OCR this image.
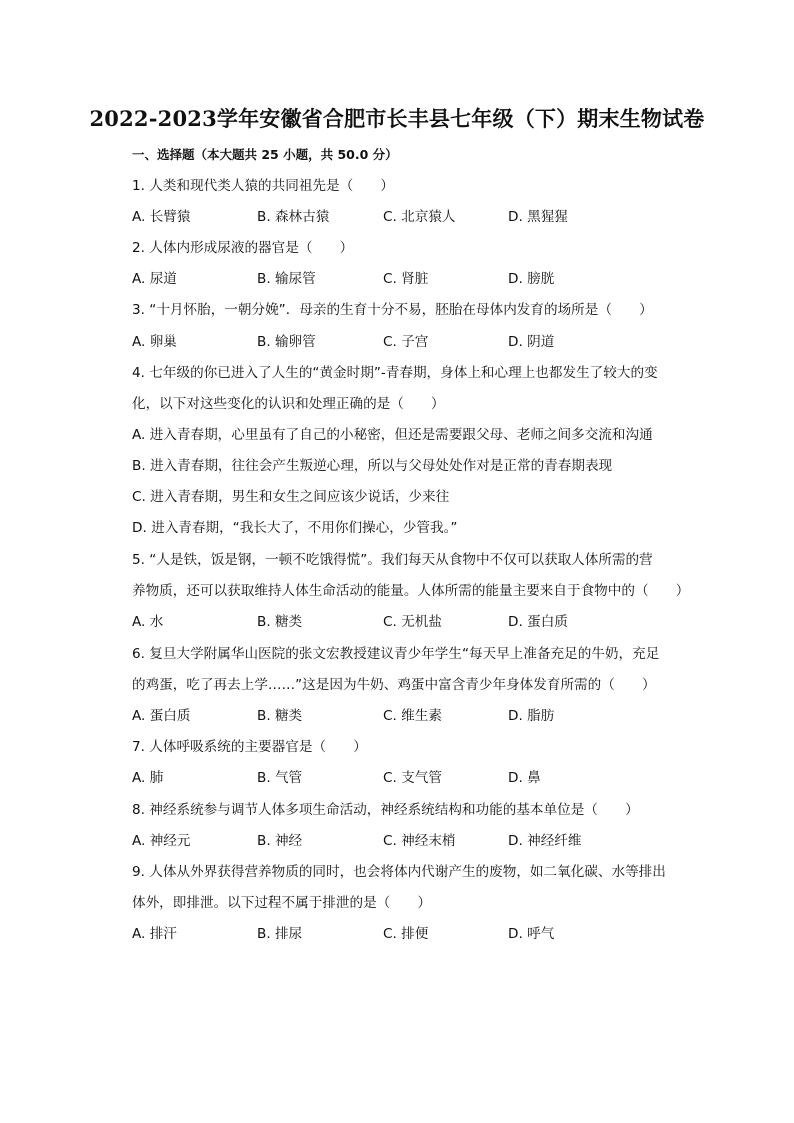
2022-2023学年安徽省合肥市长丰县七年级（下）期末生物试卷
一、选择题（本大题共 25 小题，共 50.0 分）
1. 人类和现代类人猿的共同祖先是（　　）
A. 长臂猿	B. 森林古猿	C. 北京猿人	D. 黑猩猩
2. 人体内形成尿液的器官是（　　）
A. 尿道	B. 输尿管	C. 肾脏	D. 膀胱
3. “十月怀胎，一朝分娩”．母亲的生育十分不易，胚胎在母体内发育的场所是（　　）
A. 卵巢	B. 输卵管	C. 子宫	D. 阴道
4. 七年级的你已进入了人生的“黄金时期”-青春期，身体上和心理上也都发生了较大的变
化，以下对这些变化的认识和处理正确的是（　　）
A. 进入青春期，心里虽有了自己的小秘密，但还是需要跟父母、老师之间多交流和沟通
B. 进入青春期，往往会产生叛逆心理，所以与父母处处作对是正常的青春期表现
C. 进入青春期，男生和女生之间应该少说话，少来往
D. 进入青春期，“我长大了，不用你们操心，少管我。”
5. “人是铁，饭是钢，一顿不吃饿得慌”。我们每天从食物中不仅可以获取人体所需的营
养物质，还可以获取维持人体生命活动的能量。人体所需的能量主要来自于食物中的（　　）
A. 水	B. 糖类	C. 无机盐	D. 蛋白质
6. 复旦大学附属华山医院的张文宏教授建议青少年学生“每天早上准备充足的牛奶，充足
的鸡蛋，吃了再去上学……”这是因为牛奶、鸡蛋中富含青少年身体发育所需的（　　）
A. 蛋白质	B. 糖类	C. 维生素	D. 脂肪
7. 人体呼吸系统的主要器官是（　　）
A. 肺	B. 气管	C. 支气管	D. 鼻
8. 神经系统参与调节人体多项生命活动，神经系统结构和功能的基本单位是（　　）
A. 神经元	B. 神经	C. 神经末梢	D. 神经纤维
9. 人体从外界获得营养物质的同时，也会将体内代谢产生的废物，如二氧化碳、水等排出
体外，即排泄。以下过程不属于排泄的是（　　）
A. 排汗	B. 排尿	C. 排便	D. 呼气
